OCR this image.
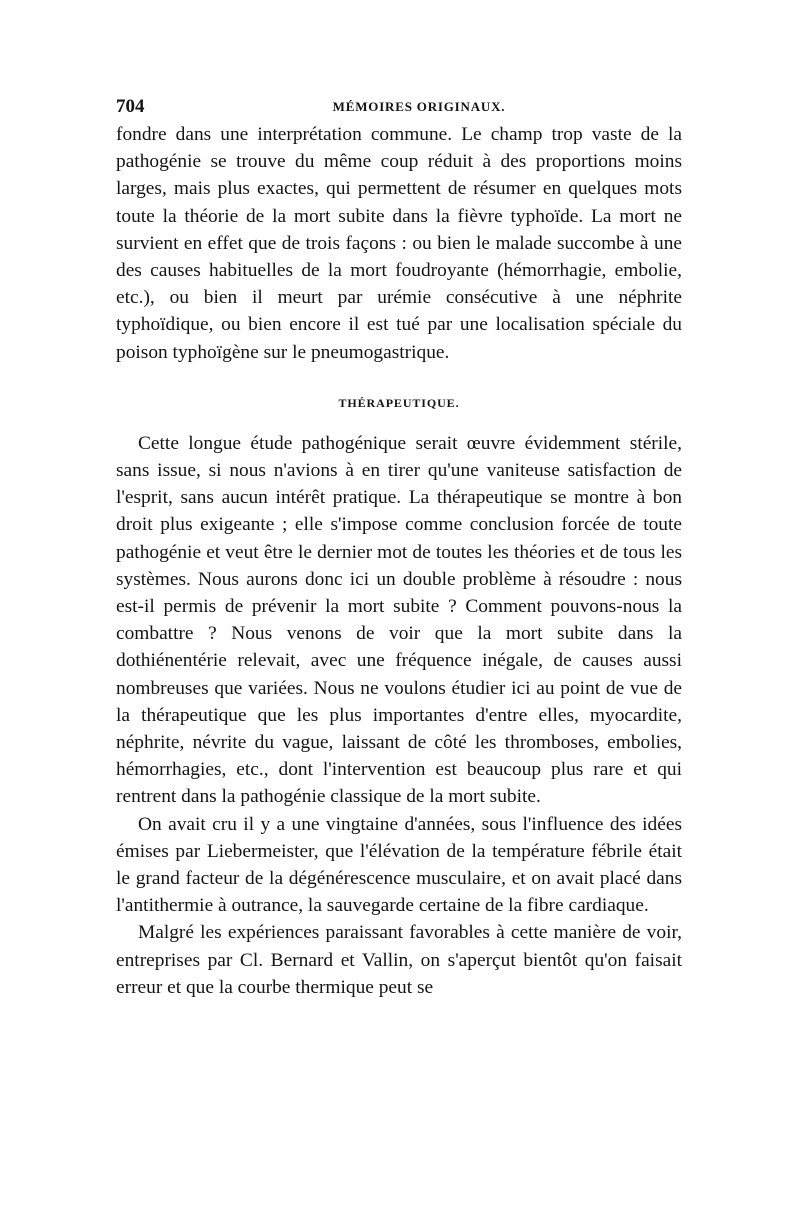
704	MÉMOIRES ORIGINAUX.

fondre dans une interprétation commune. Le champ trop vaste de la pathogénie se trouve du même coup réduit à des proportions moins larges, mais plus exactes, qui permettent de résumer en quelques mots toute la théorie de la mort subite dans la fièvre typhoïde. La mort ne survient en effet que de trois façons : ou bien le malade succombe à une des causes habituelles de la mort foudroyante (hémorrhagie, embolie, etc.), ou bien il meurt par urémie consécutive à une néphrite typhoïdique, ou bien encore il est tué par une localisation spéciale du poison typhoïgène sur le pneumogastrique.

THÉRAPEUTIQUE.

Cette longue étude pathogénique serait œuvre évidemment stérile, sans issue, si nous n'avions à en tirer qu'une vaniteuse satisfaction de l'esprit, sans aucun intérêt pratique. La thérapeutique se montre à bon droit plus exigeante ; elle s'impose comme conclusion forcée de toute pathogénie et veut être le dernier mot de toutes les théories et de tous les systèmes. Nous aurons donc ici un double problème à résoudre : nous est-il permis de prévenir la mort subite ? Comment pouvons-nous la combattre ? Nous venons de voir que la mort subite dans la dothiénentérie relevait, avec une fréquence inégale, de causes aussi nombreuses que variées. Nous ne voulons étudier ici au point de vue de la thérapeutique que les plus importantes d'entre elles, myocardite, néphrite, névrite du vague, laissant de côté les thromboses, embolies, hémorrhagies, etc., dont l'intervention est beaucoup plus rare et qui rentrent dans la pathogénie classique de la mort subite.

On avait cru il y a une vingtaine d'années, sous l'influence des idées émises par Liebermeister, que l'élévation de la température fébrile était le grand facteur de la dégénérescence musculaire, et on avait placé dans l'antithermie à outrance, la sauvegarde certaine de la fibre cardiaque.

Malgré les expériences paraissant favorables à cette manière de voir, entreprises par Cl. Bernard et Vallin, on s'aperçut bientôt qu'on faisait erreur et que la courbe thermique peut se
